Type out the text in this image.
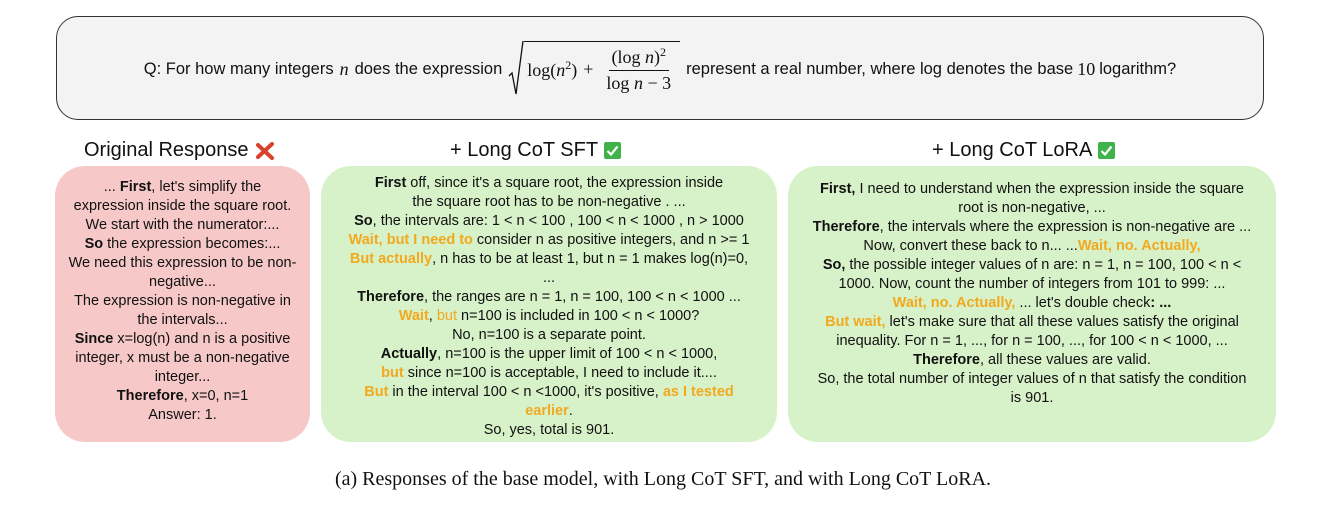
Q: For how many integers n does the expression $\log(n^2) + \frac{(\log n)^2}{\text{log n − 3}}$ represent a real number, where log denotes the base 10 logarithm?
Original Response	+ Long CoT SFT	+ Long CoT LoRA

... First, let's simplify the

expression inside the square root.

We start with the numerator:...

So the expression becomes:...

We need this expression to be non-

negative...

The expression is non-negative in

the intervals...

Since x=log(n) and n is a positive

integer, x must be a non-negative

integer...

Therefore, x=0, n=1

Answer: 1.

First off, since it's a square root, the expression inside

the square root has to be non-negative . ...

So, the intervals are: 1 < n < 100 , 100 < n < 1000 , n > 1000

Wait, but I need to consider n as positive integers, and n >= 1

But actually, n has to be at least 1, but n = 1 makes log(n)=0,

...

Therefore, the ranges are n = 1, n = 100, 100 < n < 1000 ...

Wait, but n=100 is included in 100 < n < 1000?

No, n=100 is a separate point.

Actually, n=100 is the upper limit of 100 < n < 1000,

but since n=100 is acceptable, I need to include it....

But in the interval 100 < n <1000, it's positive, as I tested

earlier.

So, yes, total is 901.

First, I need to understand when the expression inside the square

root is non-negative, ...

Therefore, the intervals where the expression is non-negative are ...

Now, convert these back to n... ...Wait, no. Actually,

So, the possible integer values of n are: n = 1, n = 100, 100 < n <

1000. Now, count the number of integers from 101 to 999: ...

Wait, no. Actually, ... let's double check: ...

But wait, let's make sure that all these values satisfy the original

inequality. For n = 1, ..., for n = 100, ..., for 100 < n < 1000, ...

Therefore, all these values are valid.

So, the total number of integer values of n that satisfy the condition

is 901.

(a) Responses of the base model, with Long CoT SFT, and with Long CoT LoRA.
